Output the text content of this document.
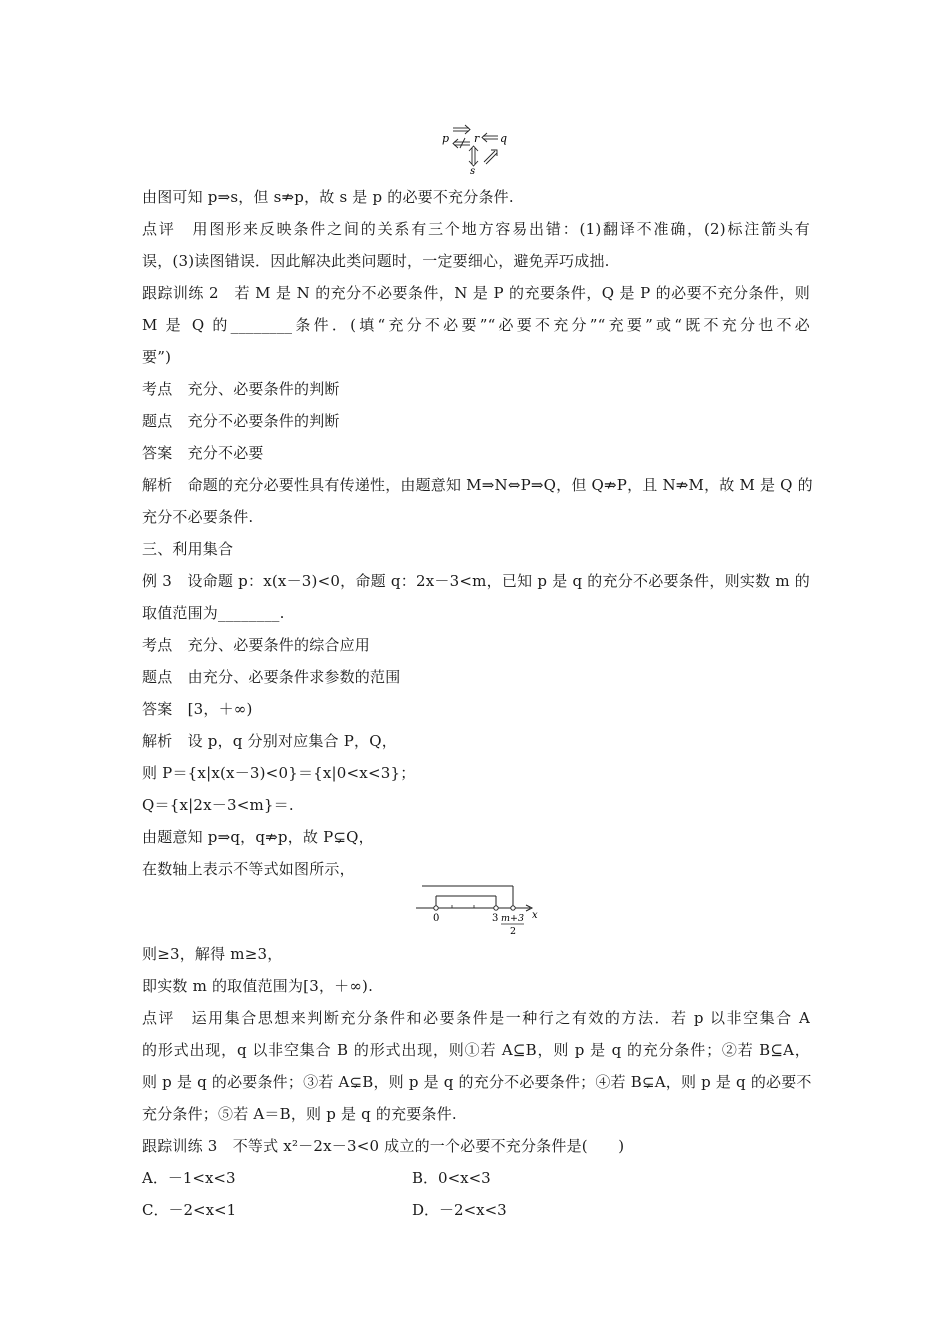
p r q
s
由图可知 p⇒s，但 s⇏p，故 s 是 p 的必要不充分条件.
点评　用图形来反映条件之间的关系有三个地方容易出错：(1)翻译不准确，(2)标注箭头有
误，(3)读图错误．因此解决此类问题时，一定要细心，避免弄巧成拙.
跟踪训练 2　若 M 是 N 的充分不必要条件，N 是 P 的充要条件，Q 是 P 的必要不充分条件，则
M 是 Q 的________条件．(填“充分不必要”“必要不充分”“充要”或“既不充分也不必
要”)
考点　充分、必要条件的判断
题点　充分不必要条件的判断
答案　充分不必要
解析　命题的充分必要性具有传递性，由题意知 M⇒N⇔P⇒Q，但 Q⇏P，且 N⇏M，故 M 是 Q 的
充分不必要条件.
三、利用集合
例 3　设命题 p：x(x－3)<0，命题 q：2x－3<m，已知 p 是 q 的充分不必要条件，则实数 m 的
取值范围为________.
考点　充分、必要条件的综合应用
题点　由充分、必要条件求参数的范围
答案　[3，＋∞)
解析　设 p，q 分别对应集合 P，Q，
则 P＝{x|x(x－3)<0}＝{x|0<x<3}；
Q＝{x|2x－3<m}＝.
由题意知 p⇒q，q⇏p，故 P⊊Q，
在数轴上表示不等式如图所示，
0	3 m+3
2
x
则≥3，解得 m≥3，
即实数 m 的取值范围为[3，＋∞).
点评　运用集合思想来判断充分条件和必要条件是一种行之有效的方法．若 p 以非空集合 A
的形式出现，q 以非空集合 B 的形式出现，则①若 A⊆B，则 p 是 q 的充分条件；②若 B⊆A，
则 p 是 q 的必要条件；③若 A⊊B，则 p 是 q 的充分不必要条件；④若 B⊊A，则 p 是 q 的必要不
充分条件；⑤若 A＝B，则 p 是 q 的充要条件.
跟踪训练 3　不等式 x²－2x－3<0 成立的一个必要不充分条件是(　　)
A．－1<x<3	B．0<x<3
C．－2<x<1	D．－2<x<3
